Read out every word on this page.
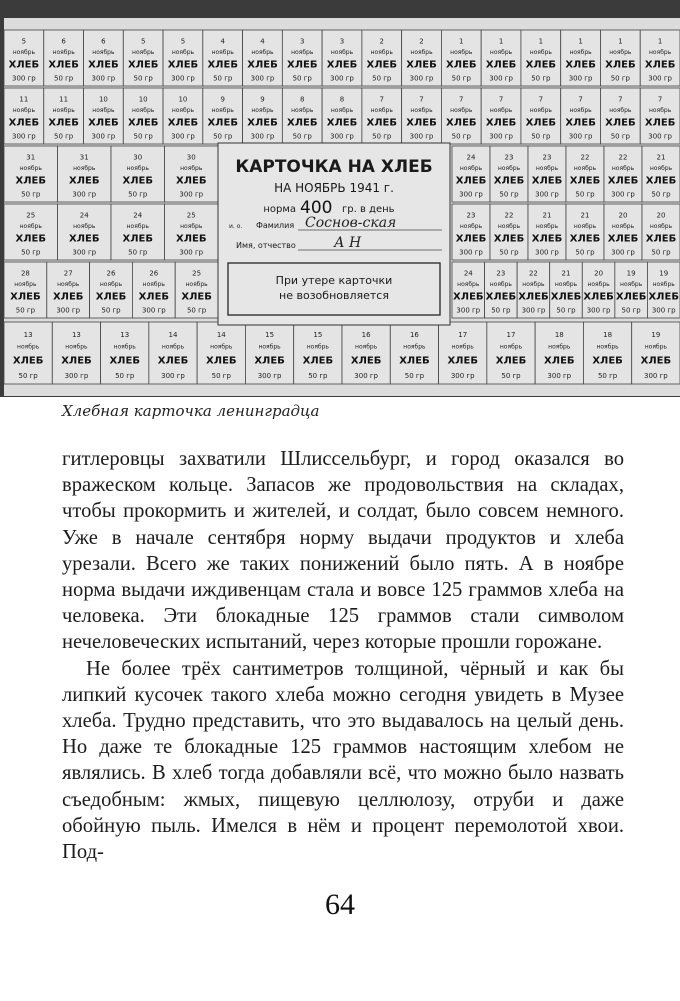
5
ноябрь
ХЛЕБ
300 гр
6
ноябрь
ХЛЕБ
50 гр
6
ноябрь
ХЛЕБ
300 гр
5
ноябрь
ХЛЕБ
50 гр
5
ноябрь
ХЛЕБ
300 гр
4
ноябрь
ХЛЕБ
50 гр
4
ноябрь
ХЛЕБ
300 гр
3
ноябрь
ХЛЕБ
50 гр
3
ноябрь
ХЛЕБ
300 гр
2
ноябрь
ХЛЕБ
50 гр
2
ноябрь
ХЛЕБ
300 гр
1
ноябрь
ХЛЕБ
50 гр
1
ноябрь
ХЛЕБ
300 гр
1
ноябрь
ХЛЕБ
50 гр
1
ноябрь
ХЛЕБ
300 гр
1
ноябрь
ХЛЕБ
50 гр
1
ноябрь
ХЛЕБ
300 гр
11
ноябрь
ХЛЕБ
300 гр
11
ноябрь
ХЛЕБ
50 гр
10
ноябрь
ХЛЕБ
300 гр
10
ноябрь
ХЛЕБ
50 гр
10
ноябрь
ХЛЕБ
300 гр
9
ноябрь
ХЛЕБ
50 гр
9
ноябрь
ХЛЕБ
300 гр
8
ноябрь
ХЛЕБ
50 гр
8
ноябрь
ХЛЕБ
300 гр
7
ноябрь
ХЛЕБ
50 гр
7
ноябрь
ХЛЕБ
300 гр
7
ноябрь
ХЛЕБ
50 гр
7
ноябрь
ХЛЕБ
300 гр
7
ноябрь
ХЛЕБ
50 гр
7
ноябрь
ХЛЕБ
300 гр
7
ноябрь
ХЛЕБ
50 гр
7
ноябрь
ХЛЕБ
300 гр
31
ноябрь
ХЛЕБ
50 гр
31
ноябрь
ХЛЕБ
300 гр
30
ноябрь
ХЛЕБ
50 гр
30
ноябрь
ХЛЕБ
300 гр
25
ноябрь
ХЛЕБ
50 гр
24
ноябрь
ХЛЕБ
300 гр
24
ноябрь
ХЛЕБ
50 гр
25
ноябрь
ХЛЕБ
300 гр
28
ноябрь
ХЛЕБ
50 гр
27
ноябрь
ХЛЕБ
300 гр
26
ноябрь
ХЛЕБ
50 гр
26
ноябрь
ХЛЕБ
300 гр
25
ноябрь
ХЛЕБ
50 гр
24
ноябрь
ХЛЕБ
300 гр
23
ноябрь
ХЛЕБ
50 гр
23
ноябрь
ХЛЕБ
300 гр
22
ноябрь
ХЛЕБ
50 гр
22
ноябрь
ХЛЕБ
300 гр
21
ноябрь
ХЛЕБ
50 гр
23
ноябрь
ХЛЕБ
300 гр
22
ноябрь
ХЛЕБ
50 гр
21
ноябрь
ХЛЕБ
300 гр
21
ноябрь
ХЛЕБ
50 гр
20
ноябрь
ХЛЕБ
300 гр
20
ноябрь
ХЛЕБ
50 гр
24
ноябрь
ХЛЕБ
300 гр
23
ноябрь
ХЛЕБ
50 гр
22
ноябрь
ХЛЕБ
300 гр
21
ноябрь
ХЛЕБ
50 гр
20
ноябрь
ХЛЕБ
300 гр
19
ноябрь
ХЛЕБ
50 гр
19
ноябрь
ХЛЕБ
300 гр
13
ноябрь
ХЛЕБ
50 гр
13
ноябрь
ХЛЕБ
300 гр
13
ноябрь
ХЛЕБ
50 гр
14
ноябрь
ХЛЕБ
300 гр
14
ноябрь
ХЛЕБ
50 гр
15
ноябрь
ХЛЕБ
300 гр
15
ноябрь
ХЛЕБ
50 гр
16
ноябрь
ХЛЕБ
300 гр
16
ноябрь
ХЛЕБ
50 гр
17
ноябрь
ХЛЕБ
300 гр
17
ноябрь
ХЛЕБ
50 гр
18
ноябрь
ХЛЕБ
300 гр
18
ноябрь
ХЛЕБ
50 гр
19
ноябрь
ХЛЕБ
300 гр
КАРТОЧКА НА ХЛЕБ
НА НОЯБРЬ 1941 г.
норма 400 гр. в день
и. о. Фамилия Соснов-ская
Имя, отчество	А Н
При утере карточки
не возобновляется
Хлебная карточка ленинградца

гитлеровцы захватили Шлиссельбург, и город оказался во вражеском кольце. Запасов же продовольствия на складах, чтобы прокормить и жителей, и солдат, было совсем немного. Уже в начале сентября норму выдачи продуктов и хлеба урезали. Всего же таких понижений было пять. А в ноябре норма выдачи иждивенцам стала и вовсе 125 граммов хлеба на человека. Эти блокадные 125 граммов стали символом нечеловеческих испытаний, через которые прошли горожане.

Не более трёх сантиметров толщиной, чёрный и как бы липкий кусочек такого хлеба можно сегодня увидеть в Музее хлеба. Трудно представить, что это выдавалось на целый день. Но даже те блокадные 125 граммов настоящим хлебом не являлись. В хлеб тогда добавляли всё, что можно было назвать съедобным: жмых, пищевую целлюлозу, отруби и даже обойную пыль. Имелся в нём и процент перемолотой хвои. Под-

64
